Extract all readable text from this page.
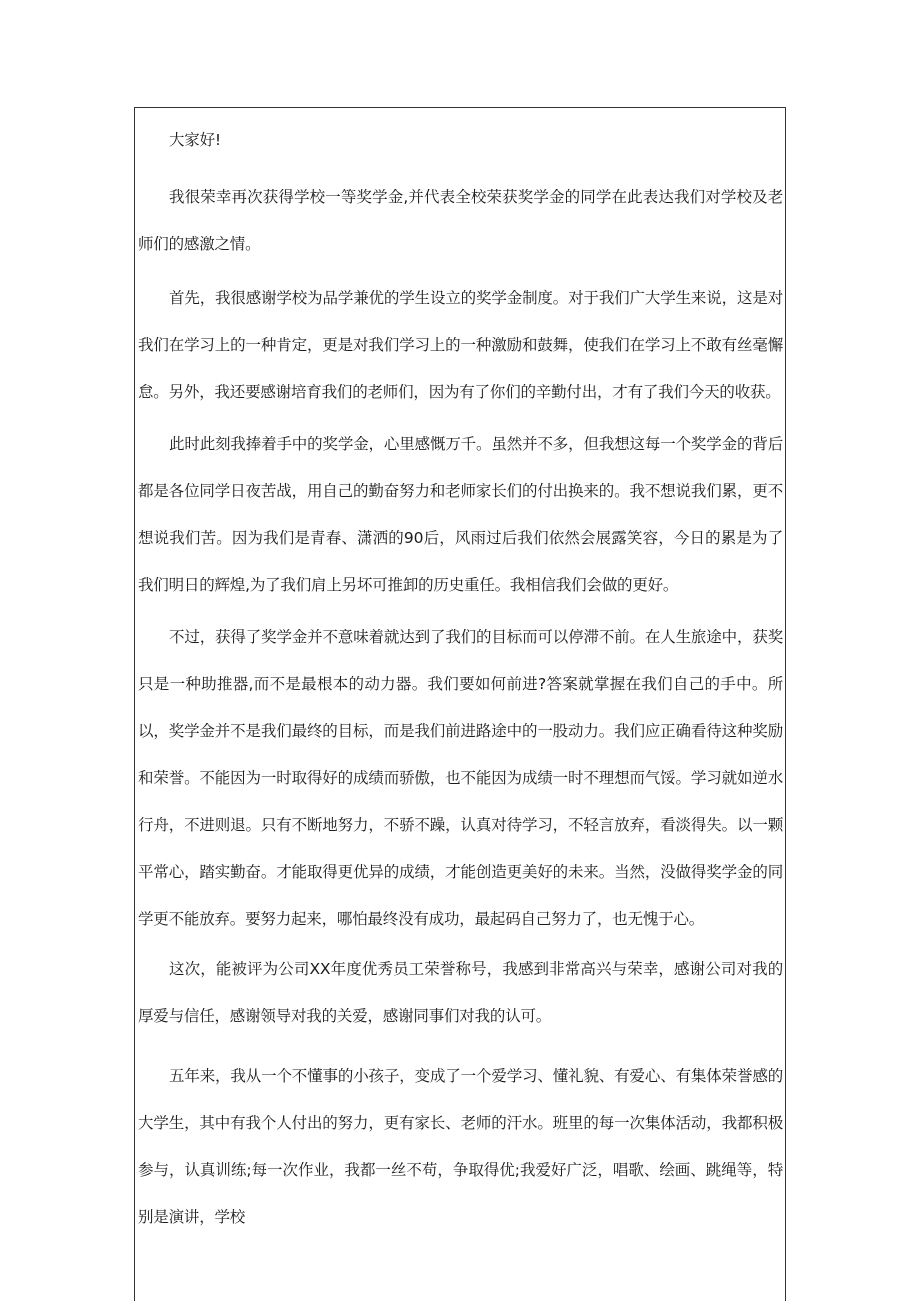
大家好!

我很荣幸再次获得学校一等奖学金,并代表全校荣获奖学金的同学在此表达我们对学校及老师们的感激之情。

首先，我很感谢学校为品学兼优的学生设立的奖学金制度。对于我们广大学生来说，这是对我们在学习上的一种肯定，更是对我们学习上的一种激励和鼓舞，使我们在学习上不敢有丝毫懈怠。另外，我还要感谢培育我们的老师们，因为有了你们的辛勤付出，才有了我们今天的收获。

此时此刻我捧着手中的奖学金，心里感慨万千。虽然并不多，但我想这每一个奖学金的背后都是各位同学日夜苦战，用自己的勤奋努力和老师家长们的付出换来的。我不想说我们累，更不想说我们苦。因为我们是青春、潇洒的90后，风雨过后我们依然会展露笑容，今日的累是为了我们明日的辉煌,为了我们肩上另坏可推卸的历史重任。我相信我们会做的更好。

不过，获得了奖学金并不意味着就达到了我们的目标而可以停滞不前。在人生旅途中，获奖只是一种助推器,而不是最根本的动力器。我们要如何前进?答案就掌握在我们自己的手中。所以，奖学金并不是我们最终的目标，而是我们前进路途中的一股动力。我们应正确看待这种奖励和荣誉。不能因为一时取得好的成绩而骄傲，也不能因为成绩一时不理想而气馁。学习就如逆水行舟，不进则退。只有不断地努力，不骄不躁，认真对待学习，不轻言放弃，看淡得失。以一颗平常心，踏实勤奋。才能取得更优异的成绩，才能创造更美好的未来。当然，没做得奖学金的同学更不能放弃。要努力起来，哪怕最终没有成功，最起码自己努力了，也无愧于心。

这次，能被评为公司XX年度优秀员工荣誉称号，我感到非常高兴与荣幸，感谢公司对我的厚爱与信任，感谢领导对我的关爱，感谢同事们对我的认可。

五年来，我从一个不懂事的小孩子，变成了一个爱学习、懂礼貌、有爱心、有集体荣誉感的大学生，其中有我个人付出的努力，更有家长、老师的汗水。班里的每一次集体活动，我都积极参与，认真训练;每一次作业，我都一丝不苟，争取得优;我爱好广泛，唱歌、绘画、跳绳等，特别是演讲，学校
